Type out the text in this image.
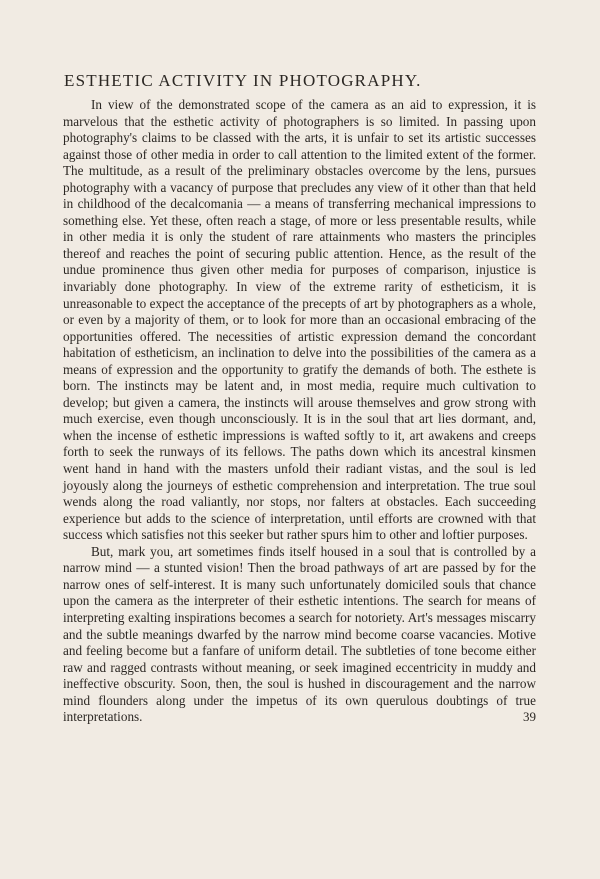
ESTHETIC ACTIVITY IN PHOTOGRAPHY.

In view of the demonstrated scope of the camera as an aid to expression, it is marvelous that the esthetic activity of photographers is so limited. In passing upon photography's claims to be classed with the arts, it is unfair to set its artistic successes against those of other media in order to call attention to the limited extent of the former. The multitude, as a result of the preliminary obstacles overcome by the lens, pursues photography with a vacancy of purpose that precludes any view of it other than that held in childhood of the decalcomania — a means of transferring mechanical impressions to something else. Yet these, often reach a stage, of more or less presentable results, while in other media it is only the student of rare attainments who masters the principles thereof and reaches the point of securing public attention. Hence, as the result of the undue prominence thus given other media for purposes of comparison, injustice is invariably done photography. In view of the extreme rarity of estheticism, it is unreasonable to expect the acceptance of the precepts of art by photographers as a whole, or even by a majority of them, or to look for more than an occasional embracing of the opportunities offered. The necessities of artistic expression demand the concordant habitation of estheticism, an inclination to delve into the possibilities of the camera as a means of expression and the opportunity to gratify the demands of both. The esthete is born. The instincts may be latent and, in most media, require much cultivation to develop; but given a camera, the instincts will arouse themselves and grow strong with much exercise, even though unconsciously. It is in the soul that art lies dormant, and, when the incense of esthetic impressions is wafted softly to it, art awakens and creeps forth to seek the runways of its fellows. The paths down which its ancestral kinsmen went hand in hand with the masters unfold their radiant vistas, and the soul is led joyously along the journeys of esthetic comprehension and interpretation. The true soul wends along the road valiantly, nor stops, nor falters at obstacles. Each succeeding experience but adds to the science of interpretation, until efforts are crowned with that success which satisfies not this seeker but rather spurs him to other and loftier purposes.

But, mark you, art sometimes finds itself housed in a soul that is controlled by a narrow mind — a stunted vision! Then the broad pathways of art are passed by for the narrow ones of self-interest. It is many such unfortunately domiciled souls that chance upon the camera as the interpreter of their esthetic intentions. The search for means of interpreting exalting inspirations becomes a search for notoriety. Art's messages miscarry and the subtle meanings dwarfed by the narrow mind become coarse vacancies. Motive and feeling become but a fanfare of uniform detail. The subtleties of tone become either raw and ragged contrasts without meaning, or seek imagined eccentricity in muddy and ineffective obscurity. Soon, then, the soul is hushed in discouragement and the narrow mind flounders along under the impetus of its own querulous doubtings of true interpretations.	39
